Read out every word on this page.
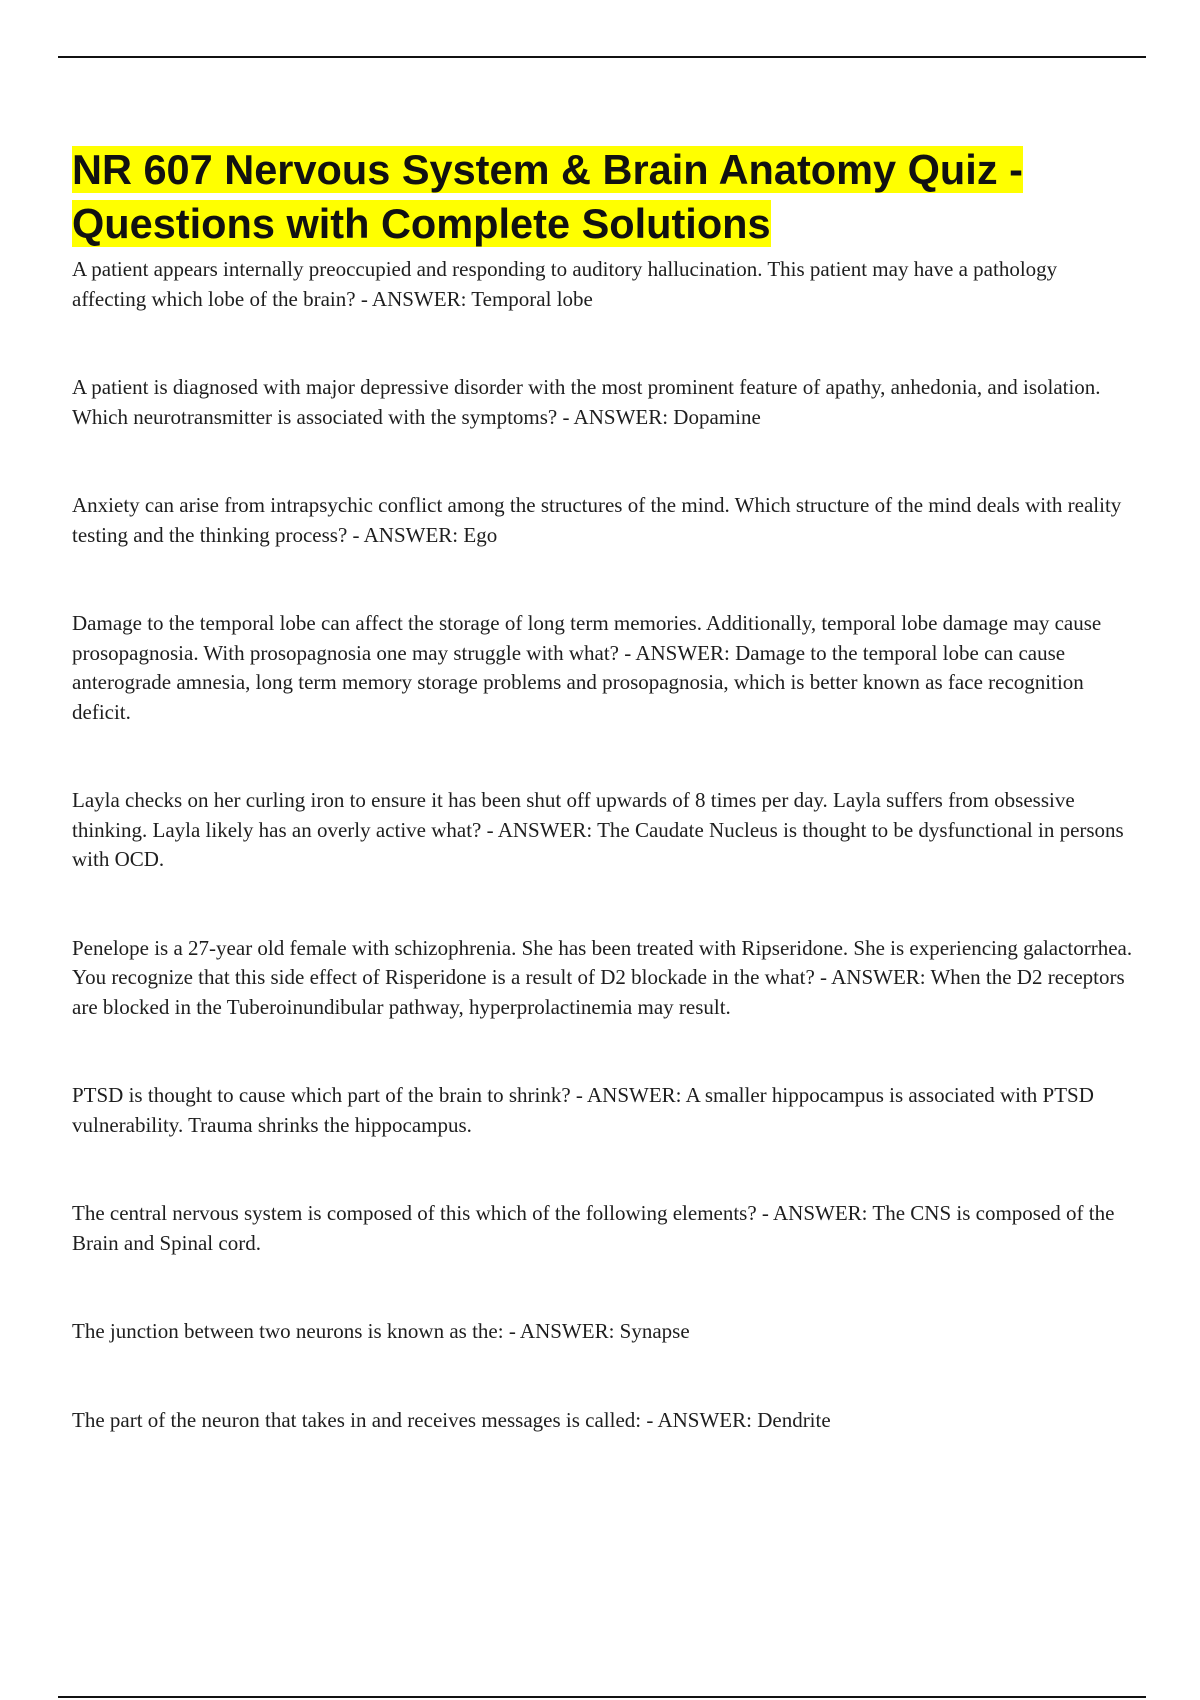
NR 607 Nervous System & Brain Anatomy Quiz - Questions with Complete Solutions
A patient appears internally preoccupied and responding to auditory hallucination. This patient may have a pathology affecting which lobe of the brain? - ANSWER: Temporal lobe
A patient is diagnosed with major depressive disorder with the most prominent feature of apathy, anhedonia, and isolation. Which neurotransmitter is associated with the symptoms? - ANSWER: Dopamine
Anxiety can arise from intrapsychic conflict among the structures of the mind. Which structure of the mind deals with reality testing and the thinking process? - ANSWER: Ego
Damage to the temporal lobe can affect the storage of long term memories. Additionally, temporal lobe damage may cause prosopagnosia. With prosopagnosia one may struggle with what? - ANSWER: Damage to the temporal lobe can cause anterograde amnesia, long term memory storage problems and prosopagnosia, which is better known as face recognition deficit.
Layla checks on her curling iron to ensure it has been shut off upwards of 8 times per day. Layla suffers from obsessive thinking. Layla likely has an overly active what? - ANSWER: The Caudate Nucleus is thought to be dysfunctional in persons with OCD.
Penelope is a 27-year old female with schizophrenia. She has been treated with Ripseridone. She is experiencing galactorrhea. You recognize that this side effect of Risperidone is a result of D2 blockade in the what? - ANSWER: When the D2 receptors are blocked in the Tuberoinundibular pathway, hyperprolactinemia may result.
PTSD is thought to cause which part of the brain to shrink? - ANSWER: A smaller hippocampus is associated with PTSD vulnerability. Trauma shrinks the hippocampus.
The central nervous system is composed of this which of the following elements? - ANSWER: The CNS is composed of the Brain and Spinal cord.
The junction between two neurons is known as the: - ANSWER: Synapse
The part of the neuron that takes in and receives messages is called: - ANSWER: Dendrite
